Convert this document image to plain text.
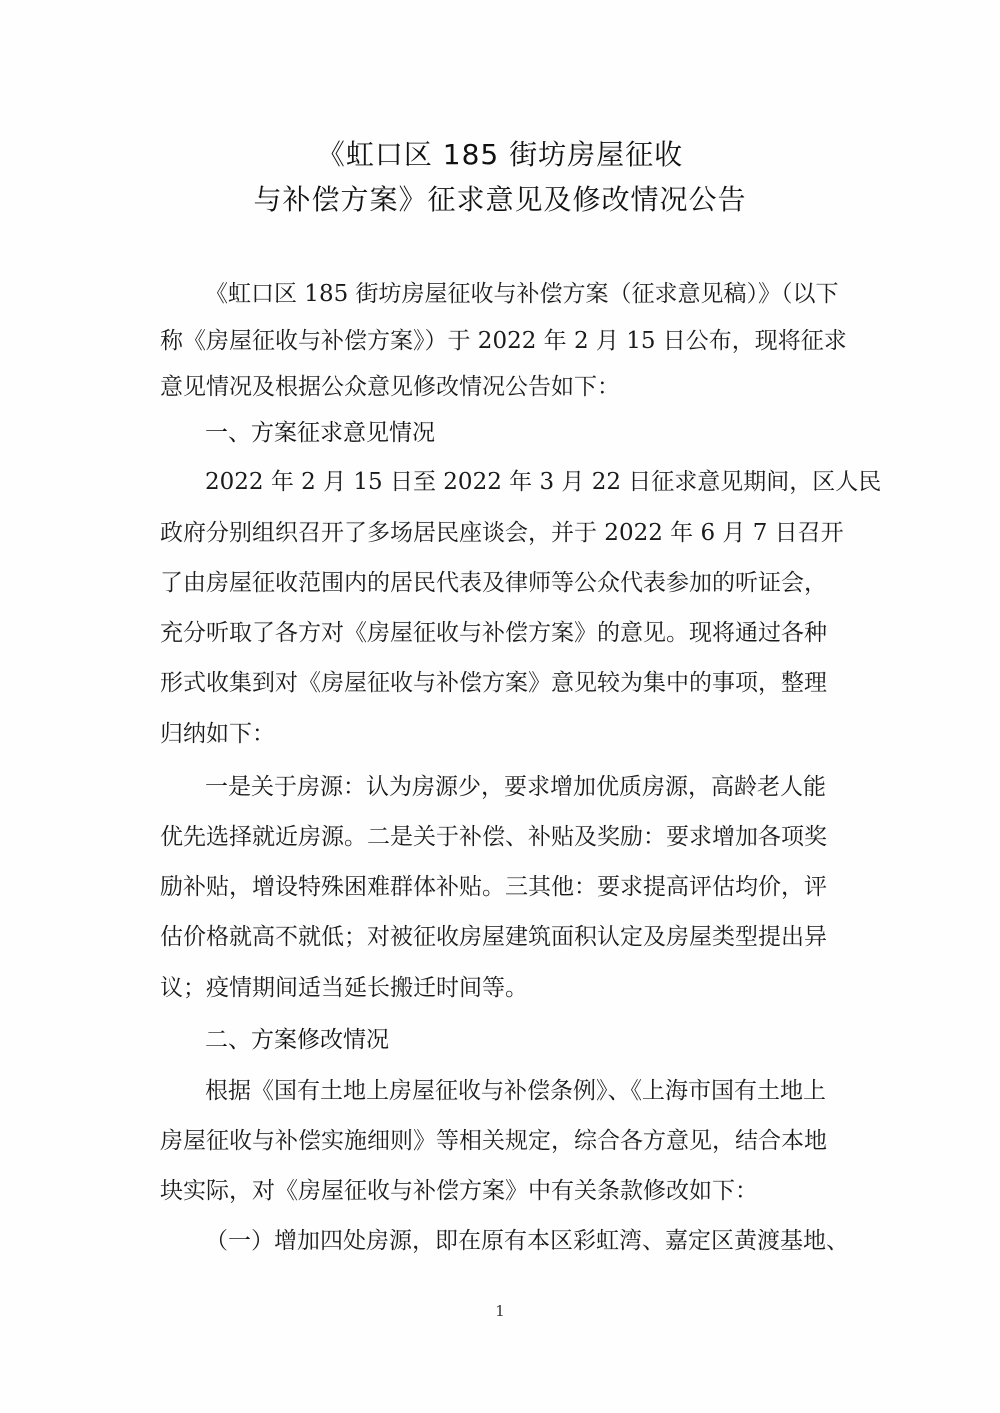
《虹口区 185 街坊房屋征收
与补偿方案》征求意见及修改情况公告
《虹口区 185 街坊房屋征收与补偿方案（征求意见稿）》（以下
称《房屋征收与补偿方案》）于 2022 年 2 月 15 日公布，现将征求
意见情况及根据公众意见修改情况公告如下：
一、方案征求意见情况
2022 年 2 月 15 日至 2022 年 3 月 22 日征求意见期间，区人民
政府分别组织召开了多场居民座谈会，并于 2022 年 6 月 7 日召开
了由房屋征收范围内的居民代表及律师等公众代表参加的听证会，
充分听取了各方对《房屋征收与补偿方案》的意见。现将通过各种
形式收集到对《房屋征收与补偿方案》意见较为集中的事项，整理
归纳如下：
一是关于房源：认为房源少，要求增加优质房源，高龄老人能
优先选择就近房源。二是关于补偿、补贴及奖励：要求增加各项奖
励补贴，增设特殊困难群体补贴。三其他：要求提高评估均价，评
估价格就高不就低；对被征收房屋建筑面积认定及房屋类型提出异
议；疫情期间适当延长搬迁时间等。
二、方案修改情况
根据《国有土地上房屋征收与补偿条例》、《上海市国有土地上
房屋征收与补偿实施细则》等相关规定，综合各方意见，结合本地
块实际，对《房屋征收与补偿方案》中有关条款修改如下：
（一）增加四处房源，即在原有本区彩虹湾、嘉定区黄渡基地、
1
